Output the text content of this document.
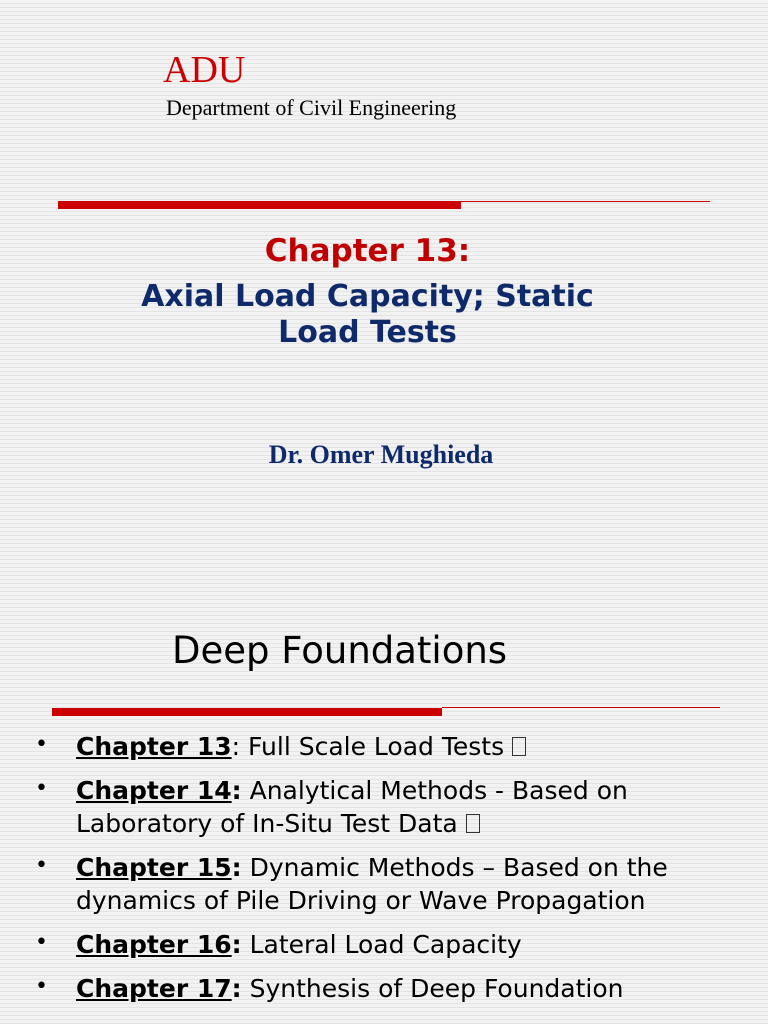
ADU
Department of Civil Engineering
Chapter 13:
Axial Load Capacity; Static
Load Tests
Dr. Omer Mughieda
Deep Foundations
• Chapter 13: Full Scale Load Tests
• Chapter 14: Analytical Methods - Based on Laboratory of In-Situ Test Data
• Chapter 15: Dynamic Methods – Based on the dynamics of Pile Driving or Wave Propagation
• Chapter 16: Lateral Load Capacity
• Chapter 17: Synthesis of Deep Foundation
